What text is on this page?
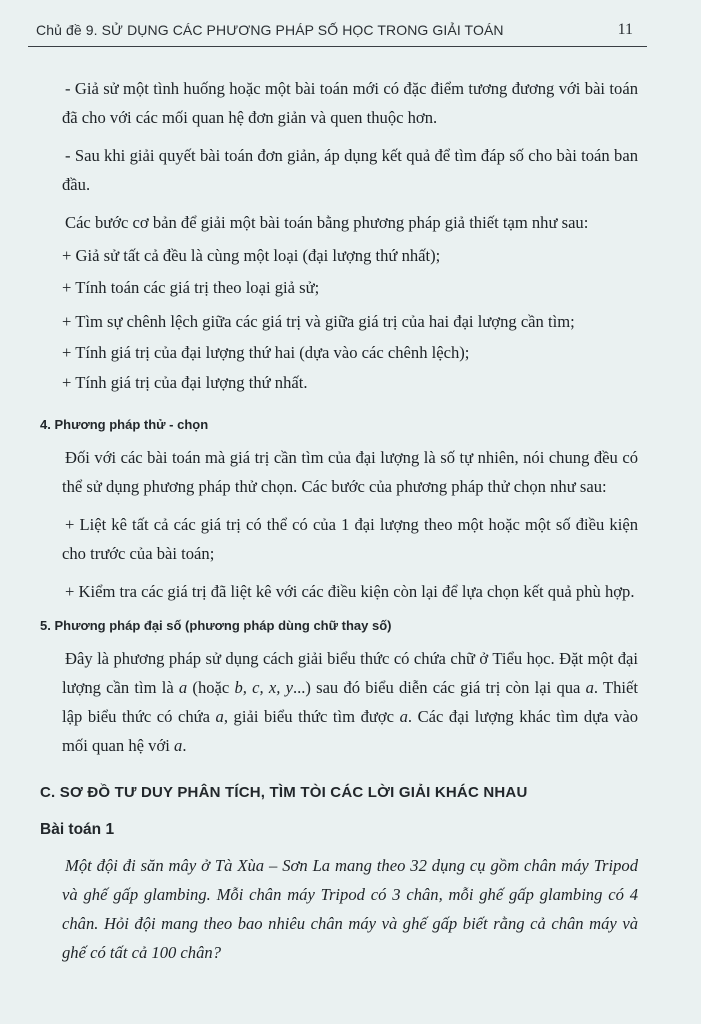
Chủ đề 9. SỬ DỤNG CÁC PHƯƠNG PHÁP SỐ HỌC TRONG GIẢI TOÁN	11

- Giả sử một tình huống hoặc một bài toán mới có đặc điểm tương đương với bài toán đã cho với các mối quan hệ đơn giản và quen thuộc hơn.

- Sau khi giải quyết bài toán đơn giản, áp dụng kết quả để tìm đáp số cho bài toán ban đầu.

Các bước cơ bản để giải một bài toán bằng phương pháp giả thiết tạm như sau:

+ Giả sử tất cả đều là cùng một loại (đại lượng thứ nhất);

+ Tính toán các giá trị theo loại giả sử;

+ Tìm sự chênh lệch giữa các giá trị và giữa giá trị của hai đại lượng cần tìm;

+ Tính giá trị của đại lượng thứ hai (dựa vào các chênh lệch);

+ Tính giá trị của đại lượng thứ nhất.

4. Phương pháp thử - chọn

Đối với các bài toán mà giá trị cần tìm của đại lượng là số tự nhiên, nói chung đều có thể sử dụng phương pháp thử chọn. Các bước của phương pháp thử chọn như sau:

+ Liệt kê tất cả các giá trị có thể có của 1 đại lượng theo một hoặc một số điều kiện cho trước của bài toán;

+ Kiểm tra các giá trị đã liệt kê với các điều kiện còn lại để lựa chọn kết quả phù hợp.

5. Phương pháp đại số (phương pháp dùng chữ thay số)

Đây là phương pháp sử dụng cách giải biểu thức có chứa chữ ở Tiểu học. Đặt một đại lượng cần tìm là a (hoặc b, c, x, y...) sau đó biểu diễn các giá trị còn lại qua a. Thiết lập biểu thức có chứa a, giải biểu thức tìm được a. Các đại lượng khác tìm dựa vào mối quan hệ với a.

C. SƠ ĐỒ TƯ DUY PHÂN TÍCH, TÌM TÒI CÁC LỜI GIẢI KHÁC NHAU

Bài toán 1

Một đội đi săn mây ở Tà Xùa – Sơn La mang theo 32 dụng cụ gồm chân máy Tripod và ghế gấp glambing. Mỗi chân máy Tripod có 3 chân, mỗi ghế gấp glambing có 4 chân. Hỏi đội mang theo bao nhiêu chân máy và ghế gấp biết rằng cả chân máy và ghế có tất cả 100 chân?
